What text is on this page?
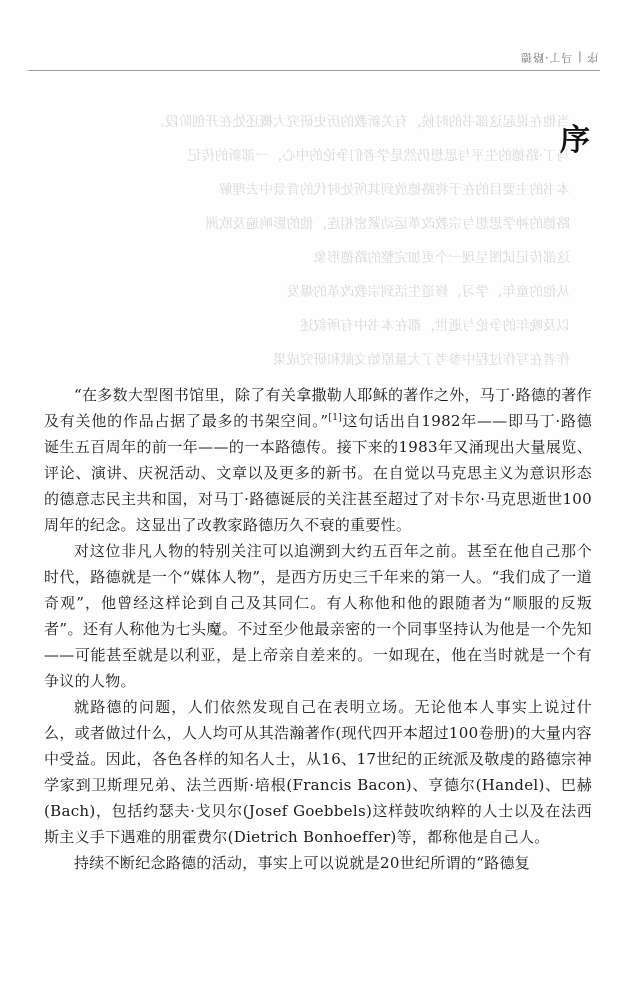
序 | 马丁·路德
当他在说起这部书的时候，有关新教的历史研究大概还处在开创阶段。
马丁·路德的生平与思想仍然是学者们争论的中心，一部新的传记
本书的主要目的在于将路德放到其所处时代的背景中去理解
路德的神学思想与宗教改革运动紧密相连，他的影响遍及欧洲
这部传记试图呈现一个更加完整的路德形象
从他的童年、学习、修道生活到宗教改革的爆发
以及晚年的争论与逝世，都在本书中有所叙述
作者在写作过程中参考了大量原始文献和研究成果
序

“在多数大型图书馆里，除了有关拿撒勒人耶稣的著作之外，马丁·路德的著作及有关他的作品占据了最多的书架空间。”[1]这句话出自1982年——即马丁·路德诞生五百周年的前一年——的一本路德传。接下来的1983年又涌现出大量展览、评论、演讲、庆祝活动、文章以及更多的新书。在自觉以马克思主义为意识形态的德意志民主共和国，对马丁·路德诞辰的关注甚至超过了对卡尔·马克思逝世100周年的纪念。这显出了改教家路德历久不衰的重要性。

对这位非凡人物的特别关注可以追溯到大约五百年之前。甚至在他自己那个时代，路德就是一个“媒体人物”，是西方历史三千年来的第一人。“我们成了一道奇观”，他曾经这样论到自己及其同仁。有人称他和他的跟随者为“顺服的反叛者”。还有人称他为七头魔。不过至少他最亲密的一个同事坚持认为他是一个先知——可能甚至就是以利亚，是上帝亲自差来的。一如现在，他在当时就是一个有争议的人物。

就路德的问题，人们依然发现自己在表明立场。无论他本人事实上说过什么，或者做过什么，人人均可从其浩瀚著作(现代四开本超过100卷册)的大量内容中受益。因此，各色各样的知名人士，从16、17世纪的正统派及敬虔的路德宗神学家到卫斯理兄弟、法兰西斯·培根(Francis Bacon)、亨德尔(Handel)、巴赫(Bach)，包括约瑟夫·戈贝尔(Josef Goebbels)这样鼓吹纳粹的人士以及在法西斯主义手下遇难的朋霍费尔(Dietrich Bonhoeffer)等，都称他是自己人。

持续不断纪念路德的活动，事实上可以说就是20世纪所谓的“路德复
